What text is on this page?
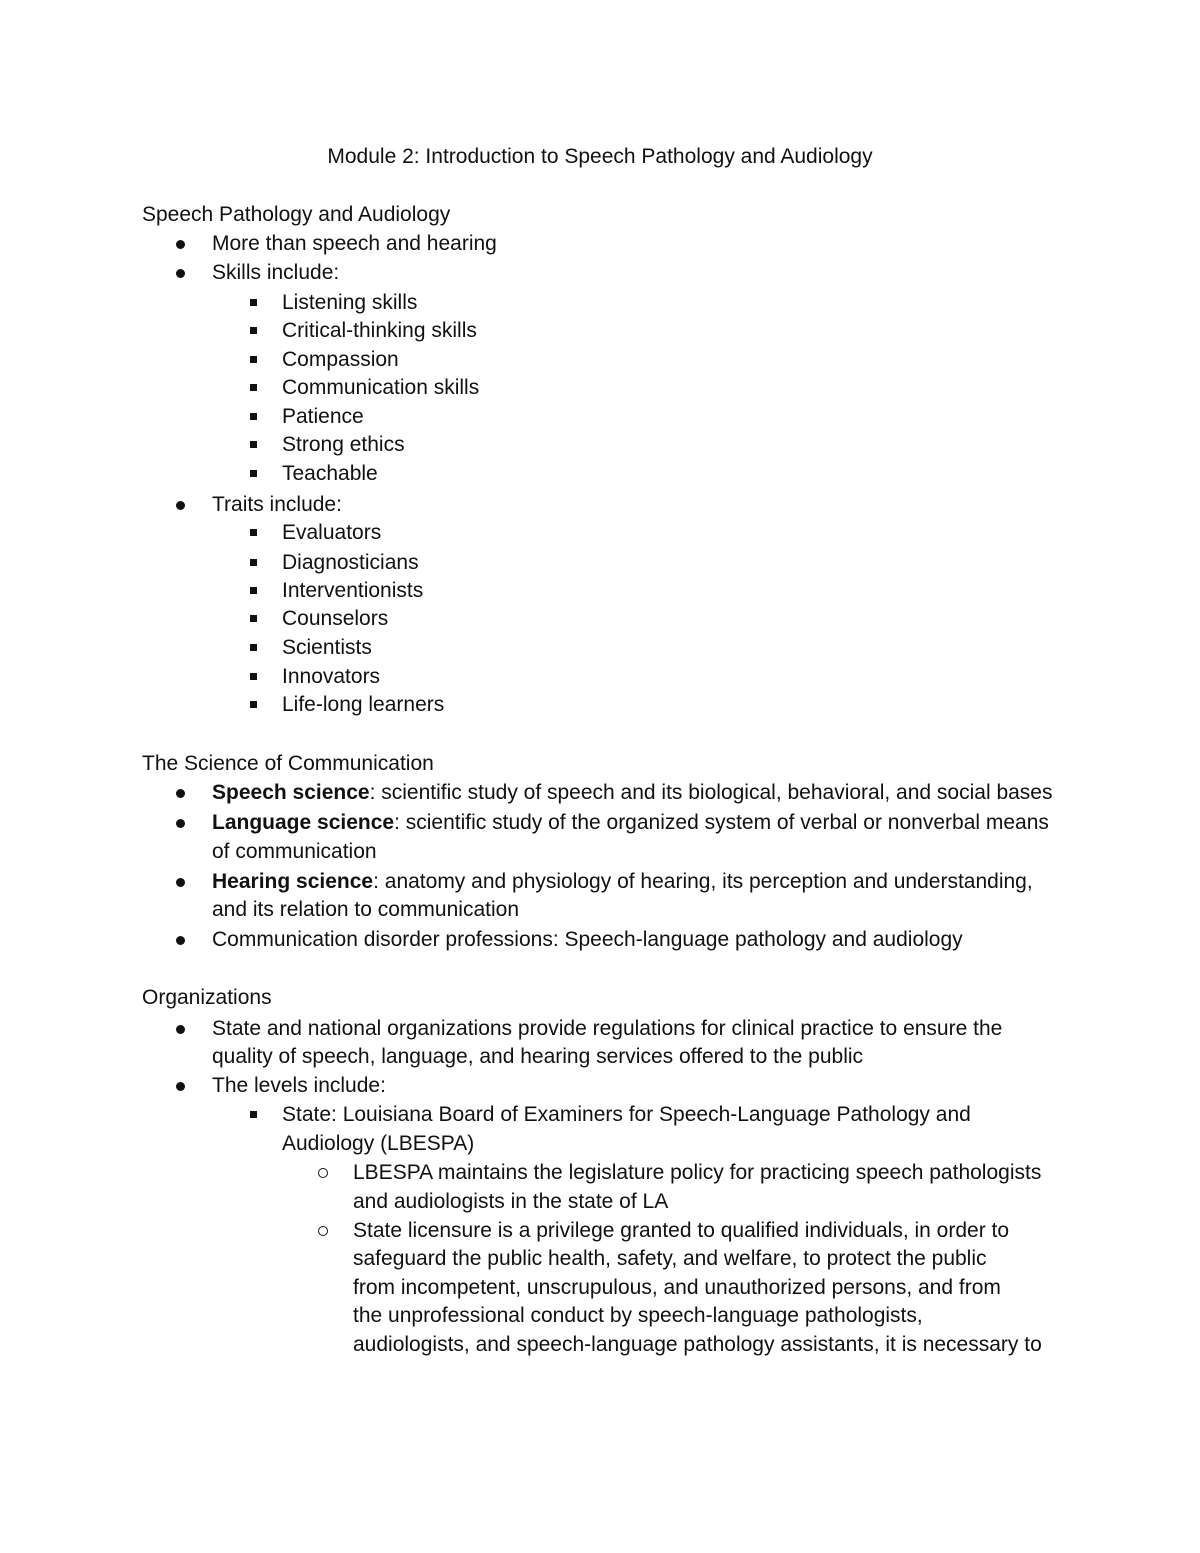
Module 2: Introduction to Speech Pathology and Audiology
Speech Pathology and Audiology
More than speech and hearing
Skills include:
Listening skills
Critical-thinking skills
Compassion
Communication skills
Patience
Strong ethics
Teachable
Traits include:
Evaluators
Diagnosticians
Interventionists
Counselors
Scientists
Innovators
Life-long learners
The Science of Communication
Speech science: scientific study of speech and its biological, behavioral, and social bases
Language science: scientific study of the organized system of verbal or nonverbal means
of communication
Hearing science: anatomy and physiology of hearing, its perception and understanding,
and its relation to communication
Communication disorder professions: Speech-language pathology and audiology
Organizations
State and national organizations provide regulations for clinical practice to ensure the
quality of speech, language, and hearing services offered to the public
The levels include:
State: Louisiana Board of Examiners for Speech-Language Pathology and
Audiology (LBESPA)
LBESPA maintains the legislature policy for practicing speech pathologists
and audiologists in the state of LA
State licensure is a privilege granted to qualified individuals, in order to
safeguard the public health, safety, and welfare, to protect the public
from incompetent, unscrupulous, and unauthorized persons, and from
the unprofessional conduct by speech-language pathologists,
audiologists, and speech-language pathology assistants, it is necessary to
